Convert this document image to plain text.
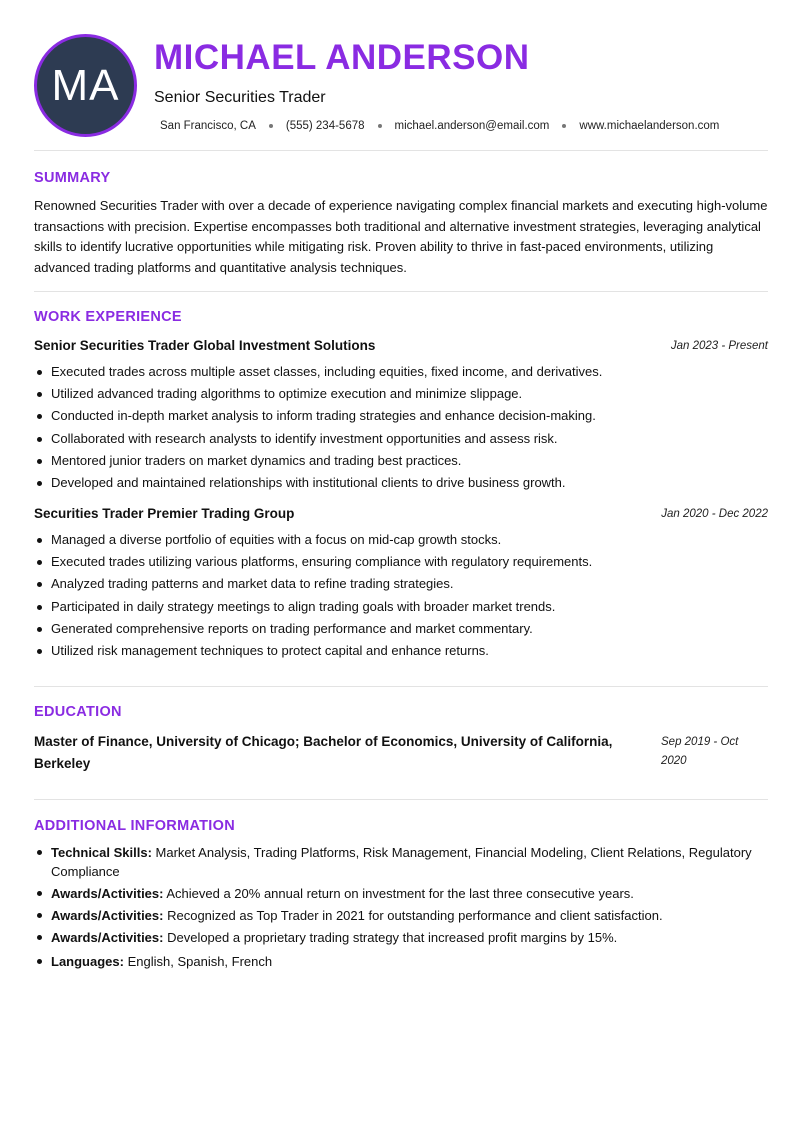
MA
MICHAEL ANDERSON
Senior Securities Trader
San Francisco, CA	(555) 234-5678	michael.anderson@email.com	www.michaelanderson.com
SUMMARY

Renowned Securities Trader with over a decade of experience navigating complex financial markets and executing high-volume transactions with precision. Expertise encompasses both traditional and alternative investment strategies, leveraging analytical skills to identify lucrative opportunities while mitigating risk. Proven ability to thrive in fast-paced environments, utilizing advanced trading platforms and quantitative analysis techniques.

WORK EXPERIENCE
Senior Securities Trader Global Investment Solutions	Jan 2023 - Present
Executed trades across multiple asset classes, including equities, fixed income, and derivatives.
Utilized advanced trading algorithms to optimize execution and minimize slippage.
Conducted in-depth market analysis to inform trading strategies and enhance decision-making.
Collaborated with research analysts to identify investment opportunities and assess risk.
Mentored junior traders on market dynamics and trading best practices.
Developed and maintained relationships with institutional clients to drive business growth.
Securities Trader Premier Trading Group	Jan 2020 - Dec 2022
Managed a diverse portfolio of equities with a focus on mid-cap growth stocks.
Executed trades utilizing various platforms, ensuring compliance with regulatory requirements.
Analyzed trading patterns and market data to refine trading strategies.
Participated in daily strategy meetings to align trading goals with broader market trends.
Generated comprehensive reports on trading performance and market commentary.
Utilized risk management techniques to protect capital and enhance returns.
EDUCATION
Master of Finance, University of Chicago; Bachelor of Economics, University of California, Berkeley
Sep 2019 - Oct 2020
ADDITIONAL INFORMATION
Technical Skills: Market Analysis, Trading Platforms, Risk Management, Financial Modeling, Client Relations, Regulatory Compliance
Awards/Activities: Achieved a 20% annual return on investment for the last three consecutive years.
Awards/Activities: Recognized as Top Trader in 2021 for outstanding performance and client satisfaction.
Awards/Activities: Developed a proprietary trading strategy that increased profit margins by 15%.
Languages: English, Spanish, French
